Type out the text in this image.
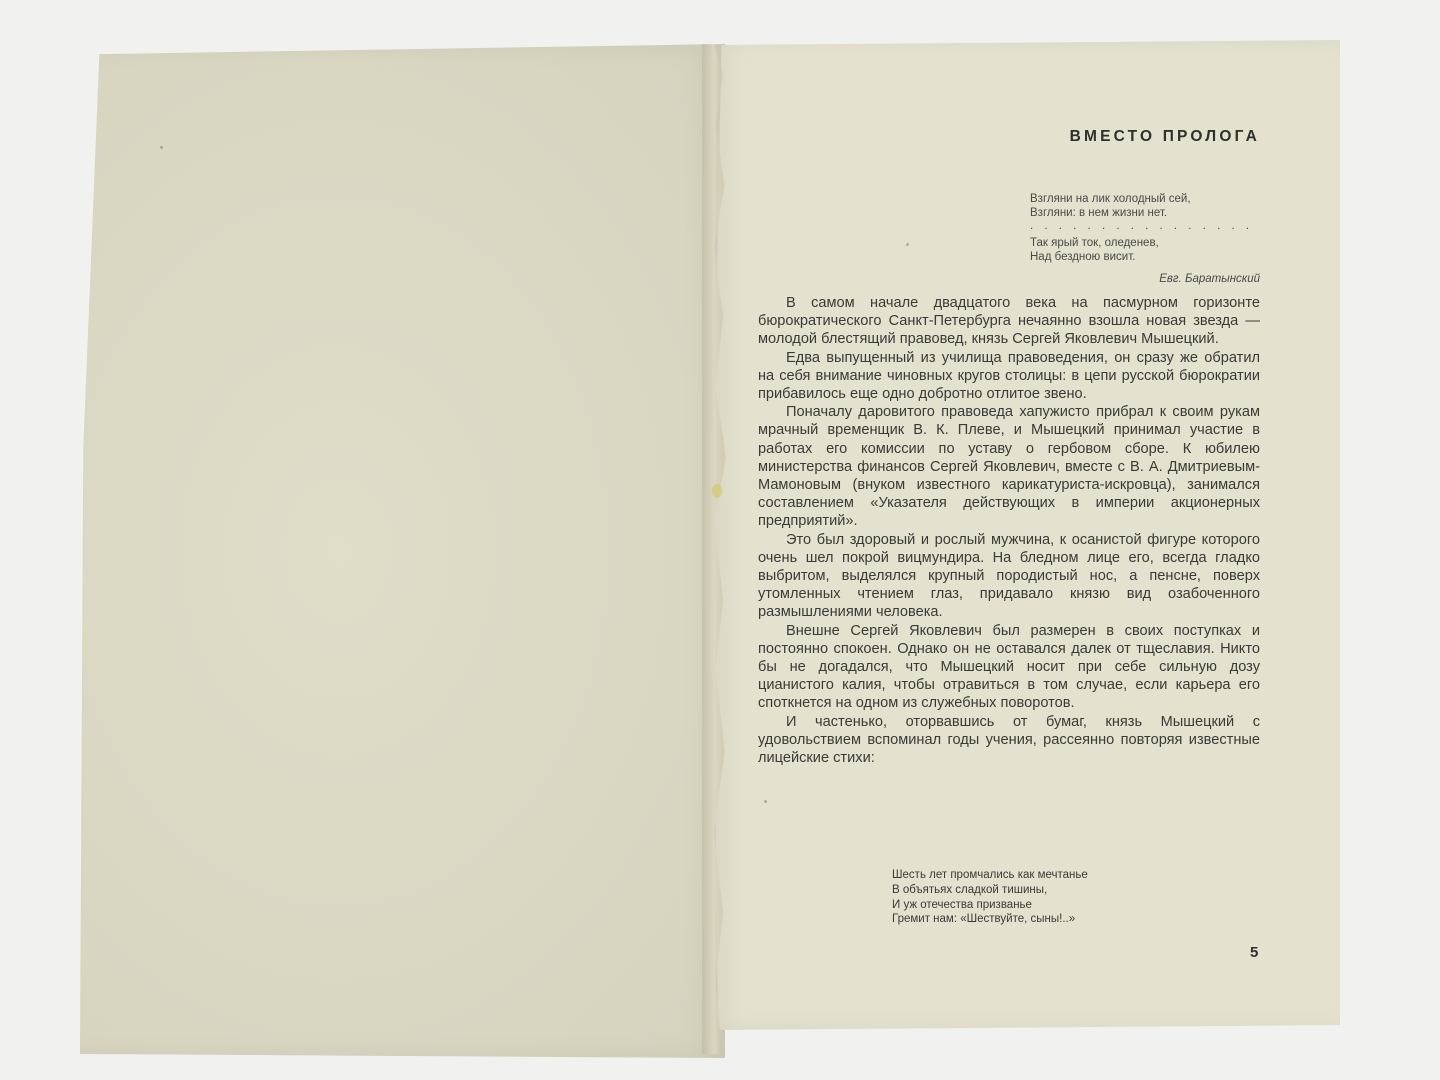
ВМЕСТО ПРОЛОГА
Взгляни на лик холодный сей,
Взгляни: в нем жизни нет.
. . . . . . . . . . . . . . . .
Так ярый ток, оледенев,
Над бездною висит.
Евг. Баратынский

В самом начале двадцатого века на пасмурном горизонте бюрократического Санкт-Петербурга нечаянно взошла новая звезда — молодой блестящий правовед, князь Сергей Яковлевич Мышецкий.

Едва выпущенный из училища правоведения, он сразу же обратил на себя внимание чиновных кругов столицы: в цепи русской бюрократии прибавилось еще одно добротно отлитое звено.

Поначалу даровитого правоведа хапужисто прибрал к своим рукам мрачный временщик В. К. Плеве, и Мышецкий принимал участие в работах его комиссии по уставу о гербовом сборе. К юбилею министерства финансов Сергей Яковлевич, вместе с В. А. Дмитриевым-Мамоновым (внуком известного карикатуриста-искровца), занимался составлением «Указателя действующих в империи акционерных предприятий».

Это был здоровый и рослый мужчина, к осанистой фигуре которого очень шел покрой вицмундира. На бледном лице его, всегда гладко выбритом, выделялся крупный породистый нос, а пенсне, поверх утомленных чтением глаз, придавало князю вид озабоченного размышлениями человека.

Внешне Сергей Яковлевич был размерен в своих поступках и постоянно спокоен. Однако он не оставался далек от тщеславия. Никто бы не догадался, что Мышецкий носит при себе сильную дозу цианистого калия, чтобы отравиться в том случае, если карьера его споткнется на одном из служебных поворотов.

И частенько, оторвавшись от бумаг, князь Мышецкий с удовольствием вспоминал годы учения, рассеянно повторяя известные лицейские стихи:

Шесть лет промчались как мечтанье
В объятьях сладкой тишины,
И уж отечества призванье
Гремит нам: «Шествуйте, сыны!..»
5
